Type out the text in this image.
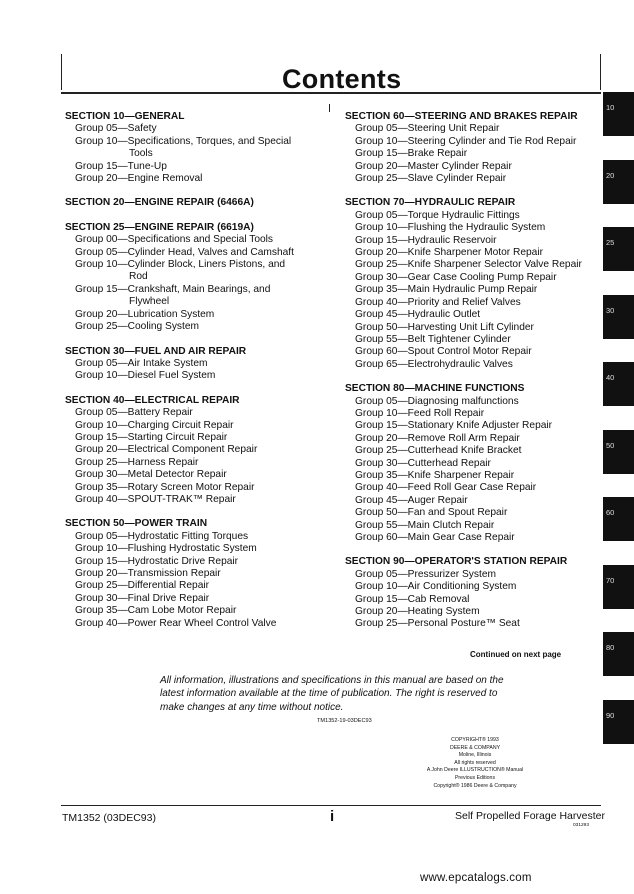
Contents
SECTION 10—GENERAL
Group 05—Safety
Group 10—Specifications, Torques, and Special
Tools
Group 15—Tune-Up
Group 20—Engine Removal
SECTION 20—ENGINE REPAIR (6466A)
SECTION 25—ENGINE REPAIR (6619A)
Group 00—Specifications and Special Tools
Group 05—Cylinder Head, Valves and Camshaft
Group 10—Cylinder Block, Liners Pistons, and
Rod
Group 15—Crankshaft, Main Bearings, and
Flywheel
Group 20—Lubrication System
Group 25—Cooling System
SECTION 30—FUEL AND AIR REPAIR
Group 05—Air Intake System
Group 10—Diesel Fuel System
SECTION 40—ELECTRICAL REPAIR
Group 05—Battery Repair
Group 10—Charging Circuit Repair
Group 15—Starting Circuit Repair
Group 20—Electrical Component Repair
Group 25—Harness Repair
Group 30—Metal Detector Repair
Group 35—Rotary Screen Motor Repair
Group 40—SPOUT-TRAK™ Repair
SECTION 50—POWER TRAIN
Group 05—Hydrostatic Fitting Torques
Group 10—Flushing Hydrostatic System
Group 15—Hydrostatic Drive Repair
Group 20—Transmission Repair
Group 25—Differential Repair
Group 30—Final Drive Repair
Group 35—Cam Lobe Motor Repair
Group 40—Power Rear Wheel Control Valve
SECTION 60—STEERING AND BRAKES REPAIR
Group 05—Steering Unit Repair
Group 10—Steering Cylinder and Tie Rod Repair
Group 15—Brake Repair
Group 20—Master Cylinder Repair
Group 25—Slave Cylinder Repair
SECTION 70—HYDRAULIC REPAIR
Group 05—Torque Hydraulic Fittings
Group 10—Flushing the Hydraulic System
Group 15—Hydraulic Reservoir
Group 20—Knife Sharpener Motor Repair
Group 25—Knife Sharpener Selector Valve Repair
Group 30—Gear Case Cooling Pump Repair
Group 35—Main Hydraulic Pump Repair
Group 40—Priority and Relief Valves
Group 45—Hydraulic Outlet
Group 50—Harvesting Unit Lift Cylinder
Group 55—Belt Tightener Cylinder
Group 60—Spout Control Motor Repair
Group 65—Electrohydraulic Valves
SECTION 80—MACHINE FUNCTIONS
Group 05—Diagnosing malfunctions
Group 10—Feed Roll Repair
Group 15—Stationary Knife Adjuster Repair
Group 20—Remove Roll Arm Repair
Group 25—Cutterhead Knife Bracket
Group 30—Cutterhead Repair
Group 35—Knife Sharpener Repair
Group 40—Feed Roll Gear Case Repair
Group 45—Auger Repair
Group 50—Fan and Spout Repair
Group 55—Main Clutch Repair
Group 60—Main Gear Case Repair
SECTION 90—OPERATOR'S STATION REPAIR
Group 05—Pressurizer System
Group 10—Air Conditioning System
Group 15—Cab Removal
Group 20—Heating System
Group 25—Personal Posture™ Seat
10
20
25
30
40
50
60
70
80
90
Continued on next page
All information, illustrations and specifications in this manual are based on the latest information available at the time of publication. The right is reserved to make changes at any time without notice.
TM1352-19-03DEC93
COPYRIGHT® 1993
DEERE & COMPANY
Moline, Illinois
All rights reserved
A John Deere ILLUSTRUCTION® Manual
Previous Editions
Copyright® 1986 Deere & Company
TM1352 (03DEC93)	i	Self Propelled Forage Harvester
031293
www.epcatalogs.com
